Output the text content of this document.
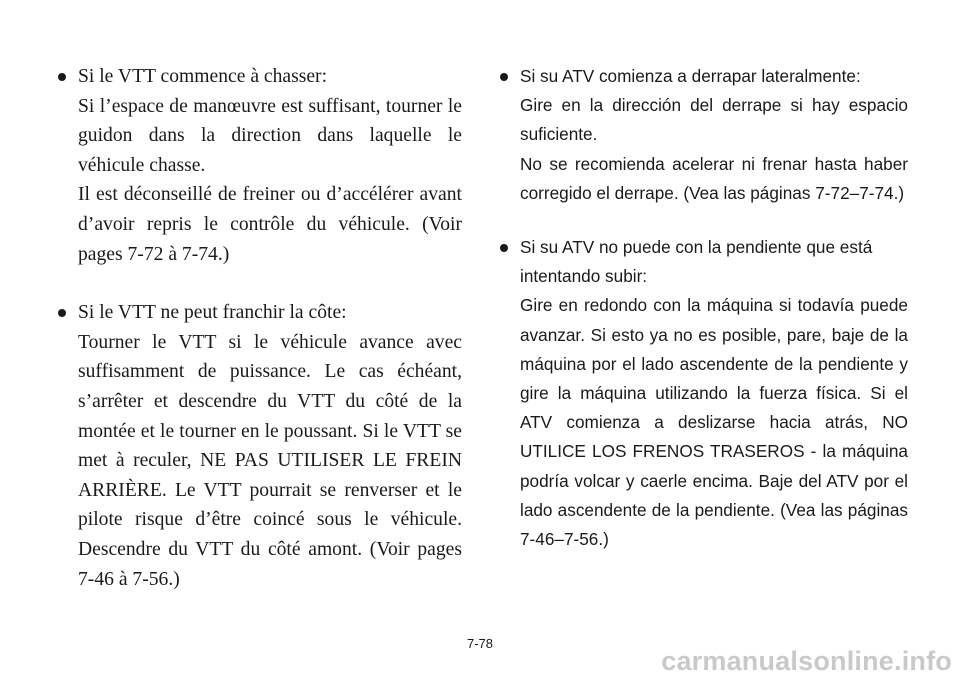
Si le VTT commence à chasser:

Si l’espace de manœuvre est suffisant, tourner le guidon dans la direction dans laquelle le véhicule chasse.

Il est déconseillé de freiner ou d’accélérer avant d’avoir repris le contrôle du véhicule. (Voir pages 7-72 à 7-74.)

Si le VTT ne peut franchir la côte:

Tourner le VTT si le véhicule avance avec suffisamment de puissance. Le cas échéant, s’arrêter et descendre du VTT du côté de la montée et le tourner en le poussant. Si le VTT se met à reculer, NE PAS UTILISER LE FREIN ARRIÈRE. Le VTT pourrait se renverser et le pilote risque d’être coincé sous le véhicule. Descendre du VTT du côté amont. (Voir pages 7-46 à 7-56.)

Si su ATV comienza a derrapar lateralmente:

Gire en la dirección del derrape si hay espacio suficiente.

No se recomienda acelerar ni frenar hasta haber corregido el derrape. (Vea las páginas 7-72–7-74.)

Si su ATV no puede con la pendiente que está intentando subir:

Gire en redondo con la máquina si todavía puede avanzar. Si esto ya no es posible, pare, baje de la máquina por el lado ascendente de la pendiente y gire la máquina utilizando la fuerza física. Si el ATV comienza a deslizarse hacia atrás, NO UTILICE LOS FRENOS TRASEROS - la máquina podría volcar y caerle encima. Baje del ATV por el lado ascendente de la pendiente. (Vea las páginas 7-46–7-56.)

7-78
carmanualsonline.info
